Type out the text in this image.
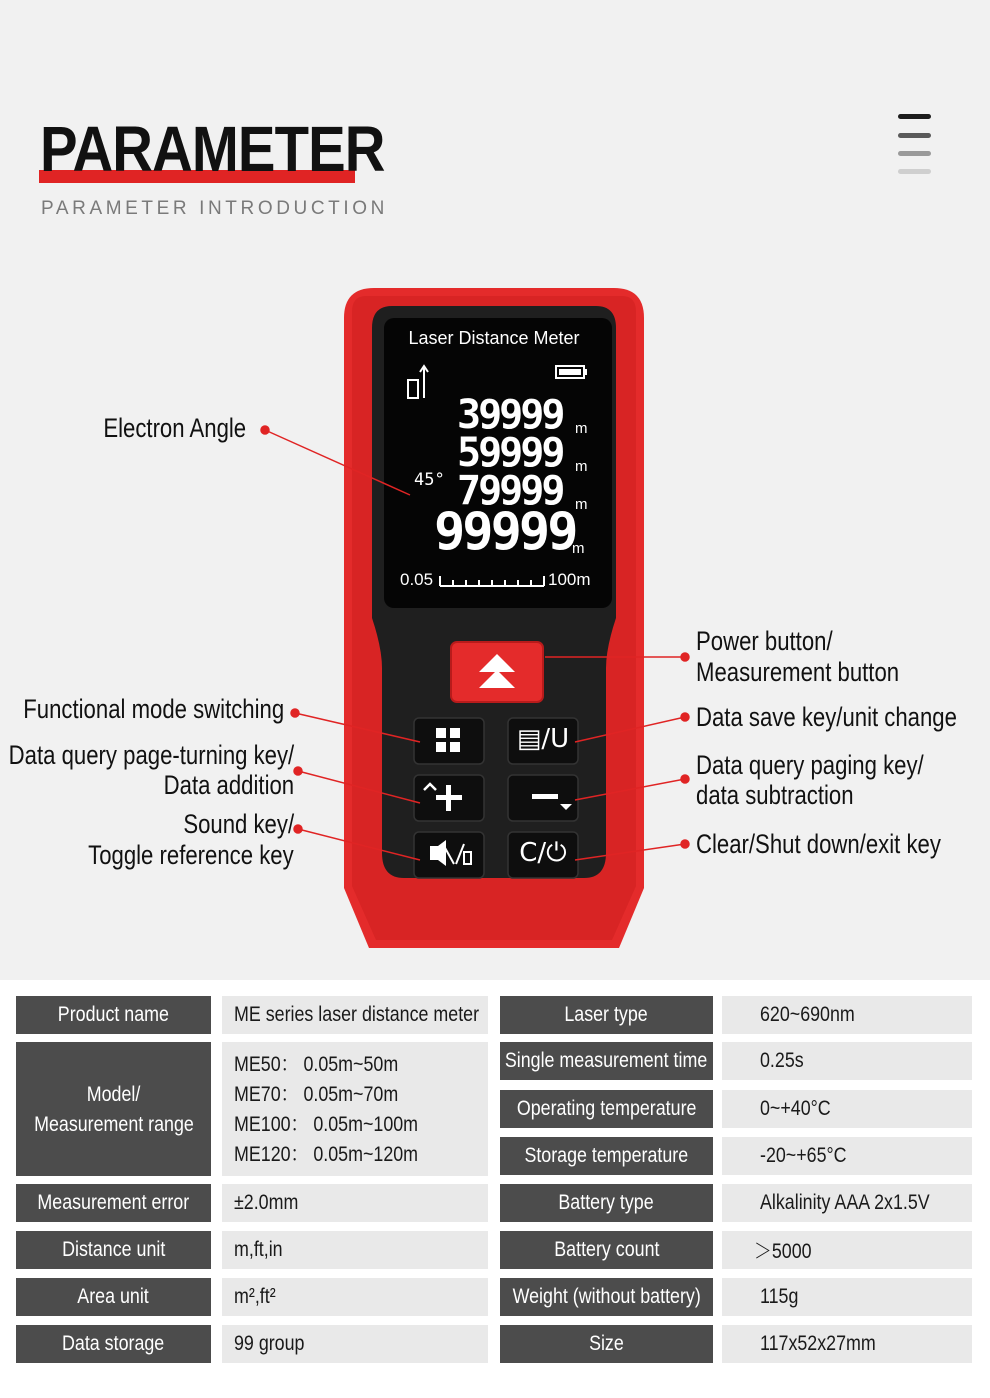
PARAMETER
PARAMETER INTRODUCTION
Laser Distance Meter
39999
59999
79999
99999
m
m
m
m
45°
0.05	100m
▤/U
C/⏻
Electron Angle
Power button/
Measurement button
Functional mode switching	Data save key/unit change
Data query page-turning key/
Data addition
Data query paging key/
data subtraction
Sound key/
Toggle reference key	Clear/Shut down/exit key
Product name	ME series laser distance meter
Model/
Measurement range
ME50： 0.05m~50m
ME70： 0.05m~70m
ME100： 0.05m~100m
ME120： 0.05m~120m
Measurement error ±2.0mm
Distance unit	m,ft,in
Area unit	m²,ft²
Data storage	99 group
Laser type	620~690nm
Single measurement time 0.25s
Operating temperature	0~+40°C
Storage temperature	-20~+65°C
Battery type	Alkalinity AAA 2x1.5V
Battery count	＞5000
Weight (without battery)	115g
Size	117x52x27mm
